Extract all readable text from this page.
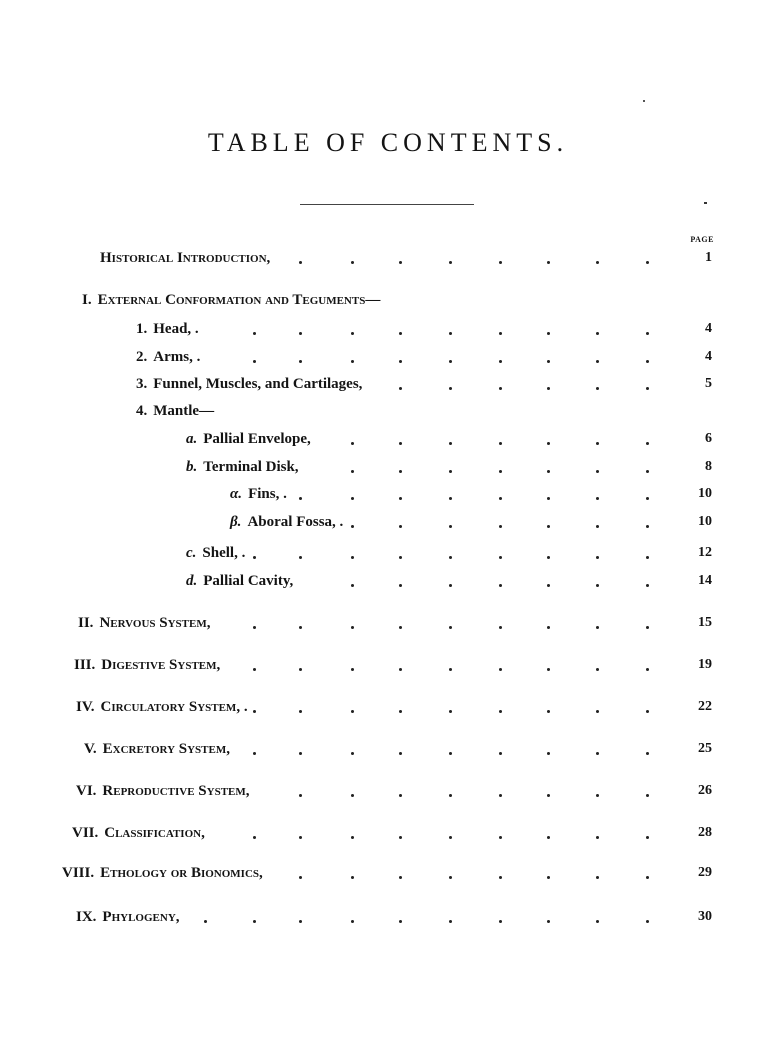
TABLE OF CONTENTS.
PAGE
Historical Introduction,	1
I. External Conformation and Teguments—
1. Head, .	4
2. Arms, .	4
3. Funnel, Muscles, and Cartilages,	5
4. Mantle—
a. Pallial Envelope,	6
b. Terminal Disk,	8
α. Fins, .	10
β. Aboral Fossa, .	10
c. Shell, .	12
d. Pallial Cavity,	14
II. Nervous System,	15
III. Digestive System,	19
IV. Circulatory System, .	22
V. Excretory System,	25
VI. Reproductive System,	26
VII. Classification,	28
VIII. Ethology or Bionomics,	29
IX. Phylogeny,	30
